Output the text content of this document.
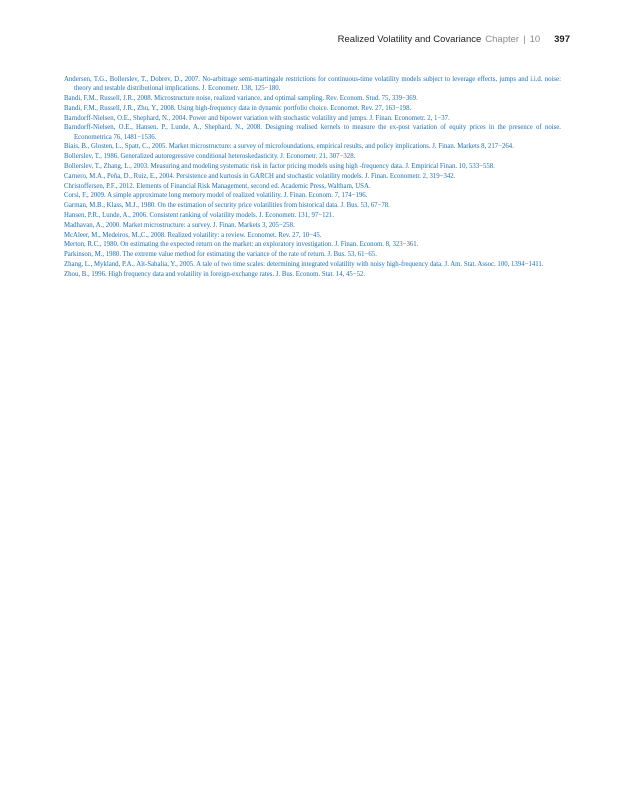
Realized Volatility and Covariance Chapter | 10 397
Andersen, T.G., Bollerslev, T., Dobrev, D., 2007. No-arbitrage semi-martingale restrictions for continuous-time volatility models subject to leverage effects, jumps and i.i.d. noise: theory and testable distributional implications. J. Econometr. 138, 125−180.
Bandi, F.M., Russell, J.R., 2008. Microstructure noise, realized variance, and optimal sampling. Rev. Econom. Stud. 75, 339−369.
Bandi, F.M., Russell, J.R., Zhu, Y., 2008. Using high-frequency data in dynamic portfolio choice. Economet. Rev. 27, 163−198.
Barndorff-Nielsen, O.E., Shephard, N., 2004. Power and bipower variation with stochastic volatility and jumps. J. Finan. Econometr. 2, 1−37.
Barndorff-Nielsen, O.E., Hansen, P., Lunde, A., Shephard, N., 2008. Designing realised kernels to measure the ex-post variation of equity prices in the presence of noise. Econometrica 76, 1481−1536.
Biais, B., Glosten, L., Spatt, C., 2005. Market microstructure: a survey of microfoundations, empirical results, and policy implications. J. Finan. Markets 8, 217−264.
Bollerslev, T., 1986. Generalized autoregressive conditional heteroskedasticity. J. Econometr. 21, 307−328.
Bollerslev, T., Zhang, L., 2003. Measuring and modeling systematic risk in factor pricing models using high -frequency data. J. Empirical Finan. 10, 533−558.
Carnero, M.A., Peña, D., Ruiz, E., 2004. Persistence and kurtosis in GARCH and stochastic volatility models. J. Finan. Econometr. 2, 319−342.
Christoffersen, P.F., 2012. Elements of Financial Risk Management, second ed. Academic Press, Waltham, USA.
Corsi, F., 2009. A simple approximate long memory model of realized volatility. J. Finan. Econom. 7, 174−196.
Garman, M.B., Klass, M.J., 1980. On the estimation of security price volatilities from historical data. J. Bus. 53, 67−78.
Hansen, P.R., Lunde, A., 2006. Consistent ranking of volatility models. J. Econometr. 131, 97−121.
Madhavan, A., 2000. Market microstructure: a survey. J. Finan. Markets 3, 205−258.
McAleer, M., Medeiros, M.,C., 2008. Realized volatility: a review. Economet. Rev. 27, 10−45.
Merton, R.C., 1980. On estimating the expected return on the market: an exploratory investigation. J. Finan. Econom. 8, 323−361.
Parkinson, M., 1980. The extreme value method for estimating the variance of the rate of return. J. Bus. 53, 61−65.
Zhang, L., Mykland, P.A., Aït-Sahalia, Y., 2005. A tale of two time scales: determining integrated volatility with noisy high-frequency data. J. Am. Stat. Assoc. 100, 1394−1411.
Zhou, B., 1996. High frequency data and volatility in foreign-exchange rates. J. Bus. Econom. Stat. 14, 45−52.
